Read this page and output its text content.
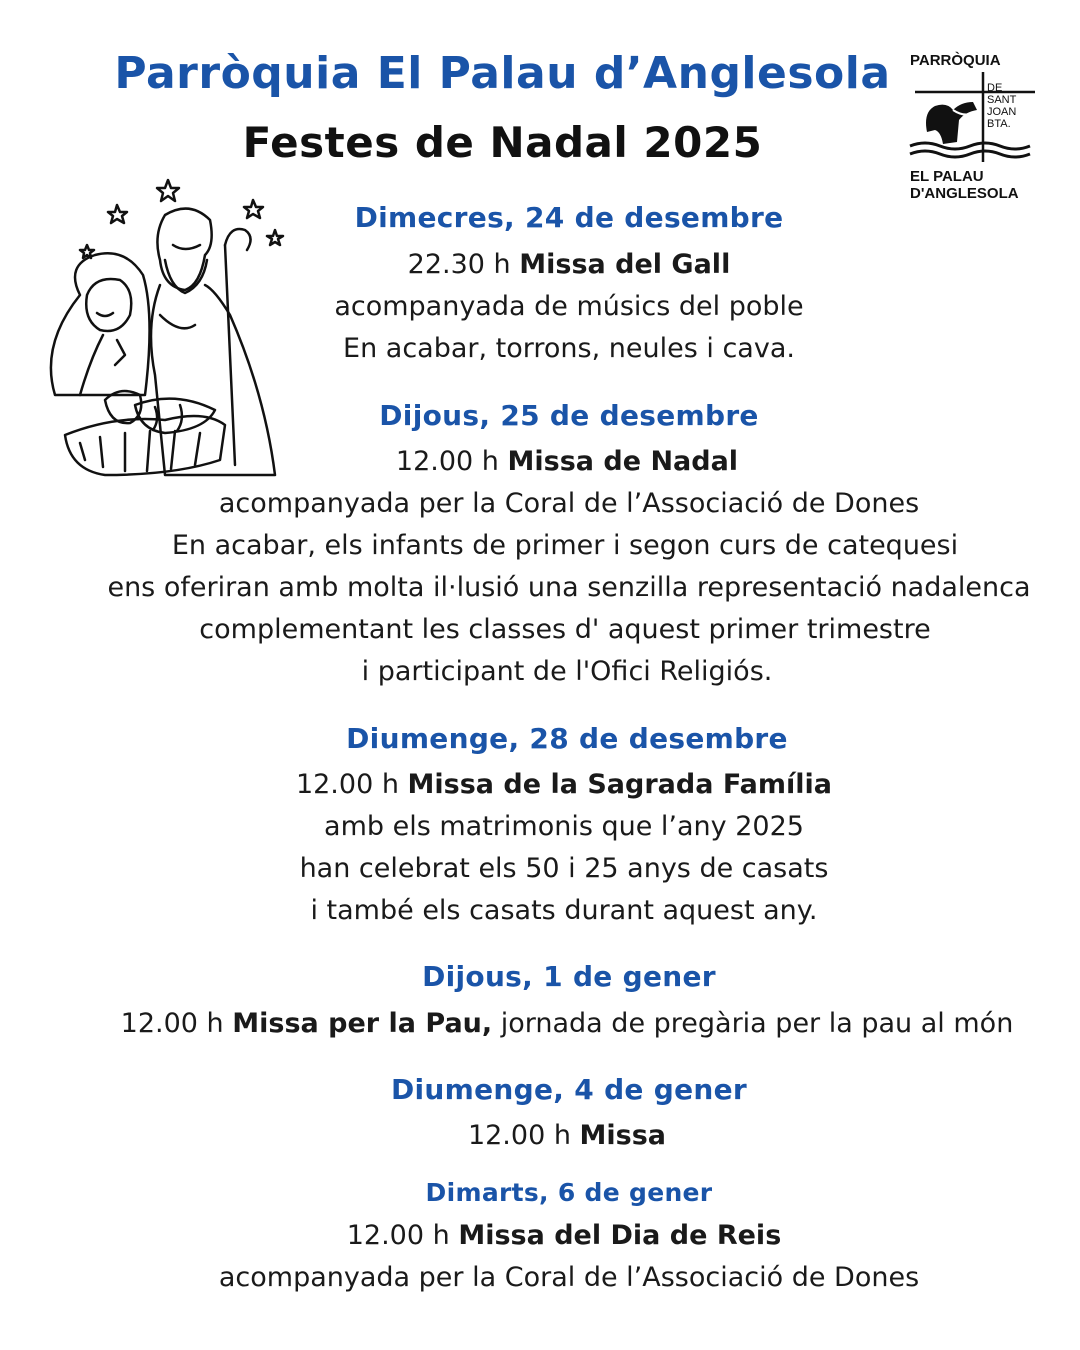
Parròquia El Palau d’Anglesola
Festes de Nadal 2025
PARRÒQUIA
DE
SANT
JOAN
BTA.
EL PALAU
D'ANGLESOLA
Dimecres, 24 de desembre
22.30 h Missa del Gall
acompanyada de músics del poble
En acabar, torrons, neules i cava.
Dijous, 25 de desembre
12.00 h Missa de Nadal
acompanyada per la Coral de l’Associació de Dones
En acabar, els infants de primer i segon curs de catequesi
ens oferiran amb molta il·lusió una senzilla representació nadalenca
complementant les classes d' aquest primer trimestre
i participant de l'Ofici Religiós.
Diumenge, 28 de desembre
12.00 h Missa de la Sagrada Família
amb els matrimonis que l’any 2025
han celebrat els 50 i 25 anys de casats
i també els casats durant aquest any.
Dijous, 1 de gener
12.00 h Missa per la Pau, jornada de pregària per la pau al món
Diumenge, 4 de gener
12.00 h Missa
Dimarts, 6 de gener
12.00 h Missa del Dia de Reis
acompanyada per la Coral de l’Associació de Dones
